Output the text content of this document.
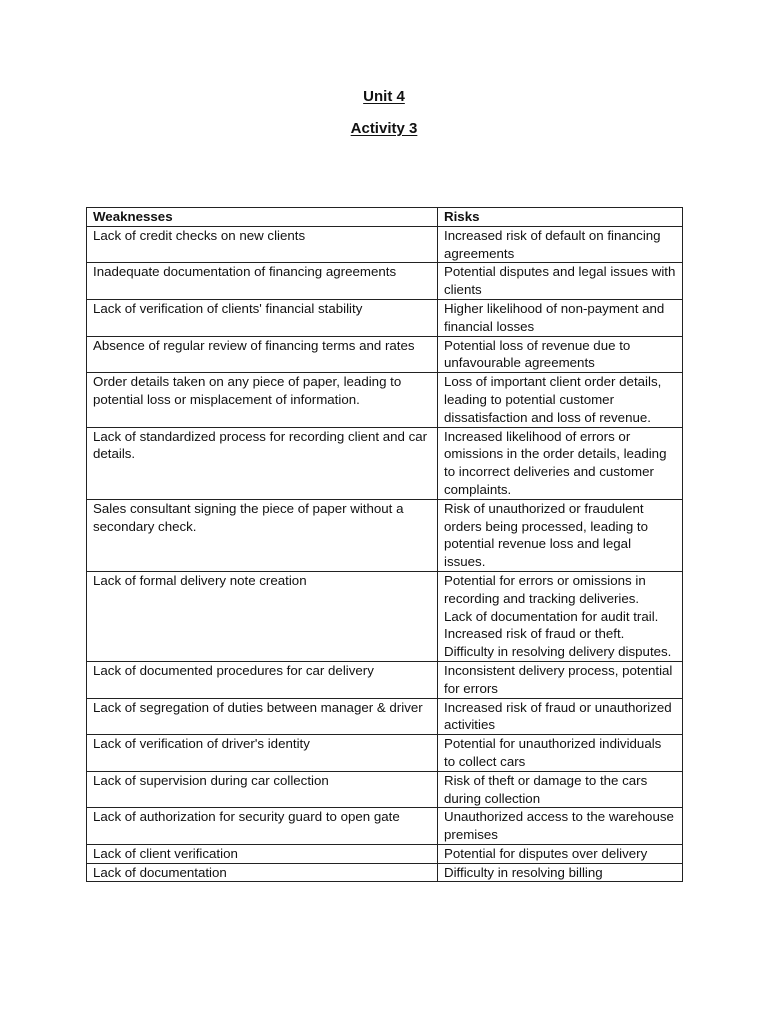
Unit 4
Activity 3
Weaknesses	Risks
Lack of credit checks on new clients	Increased risk of default on financing agreements

Inadequate documentation of financing agreements	Potential disputes and legal issues with clients

Lack of verification of clients' financial stability	Higher likelihood of non-payment and financial losses

Absence of regular review of financing terms and rates	Potential loss of revenue due to unfavourable agreements

Order details taken on any piece of paper, leading to potential loss or misplacement of information.	Loss of important client order details, leading to potential customer dissatisfaction and loss of revenue.

Lack of standardized process for recording client and car details.	Increased likelihood of errors or omissions in the order details, leading to incorrect deliveries and customer complaints.

Sales consultant signing the piece of paper without a secondary check.	Risk of unauthorized or fraudulent orders being processed, leading to potential revenue loss and legal issues.

Lack of formal delivery note creation	Potential for errors or omissions in recording and tracking deliveries.
Lack of documentation for audit trail.
Increased risk of fraud or theft.
Difficulty in resolving delivery disputes.

Lack of documented procedures for car delivery	Inconsistent delivery process, potential for errors

Lack of segregation of duties between manager & driver	Increased risk of fraud or unauthorized activities

Lack of verification of driver's identity	Potential for unauthorized individuals to collect cars

Lack of supervision during car collection	Risk of theft or damage to the cars during collection

Lack of authorization for security guard to open gate	Unauthorized access to the warehouse premises

Lack of client verification	Potential for disputes over delivery

Lack of documentation	Difficulty in resolving billing
